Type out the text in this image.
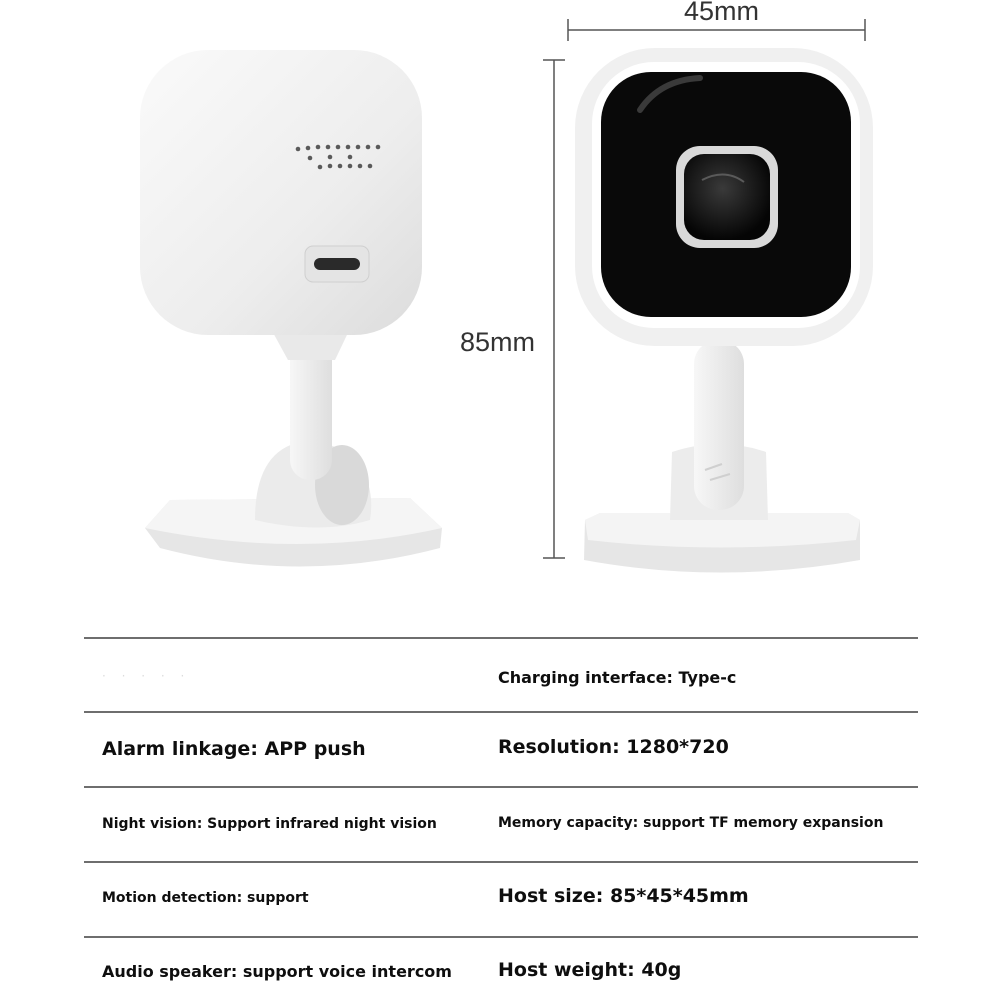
45mm
85mm
· · · · ·	Charging interface: Type-c
Alarm linkage: APP push	Resolution: 1280*720
Night vision: Support infrared night vision	Memory capacity: support TF memory expansion
Motion detection: support	Host size: 85*45*45mm
Audio speaker: support voice intercom Host weight: 40g
